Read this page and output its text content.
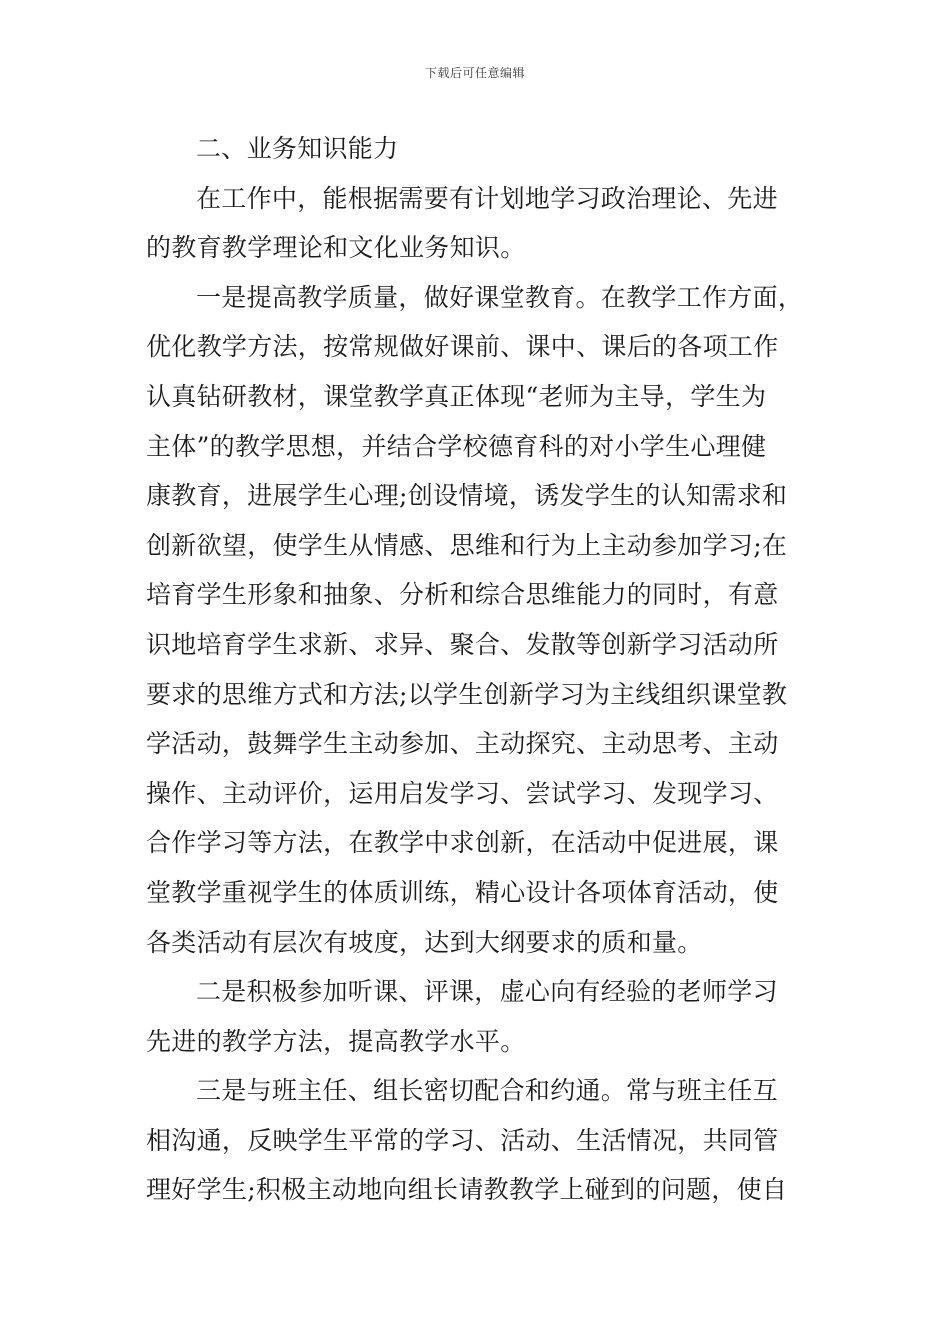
下载后可任意编辑
二、业务知识能力
在工作中，能根据需要有计划地学习政治理论、先进
的教育教学理论和文化业务知识。
一是提高教学质量，做好课堂教育。在教学工作方面，
优化教学方法，按常规做好课前、课中、课后的各项工作
认真钻研教材，课堂教学真正体现“老师为主导，学生为
主体”的教学思想，并结合学校德育科的对小学生心理健
康教育，进展学生心理;创设情境，诱发学生的认知需求和
创新欲望，使学生从情感、思维和行为上主动参加学习;在
培育学生形象和抽象、分析和综合思维能力的同时，有意
识地培育学生求新、求异、聚合、发散等创新学习活动所
要求的思维方式和方法;以学生创新学习为主线组织课堂教
学活动，鼓舞学生主动参加、主动探究、主动思考、主动
操作、主动评价，运用启发学习、尝试学习、发现学习、
合作学习等方法，在教学中求创新，在活动中促进展，课
堂教学重视学生的体质训练，精心设计各项体育活动，使
各类活动有层次有坡度，达到大纲要求的质和量。
二是积极参加听课、评课，虚心向有经验的老师学习
先进的教学方法，提高教学水平。
三是与班主任、组长密切配合和约通。常与班主任互
相沟通，反映学生平常的学习、活动、生活情况，共同管
理好学生;积极主动地向组长请教教学上碰到的问题，使自
